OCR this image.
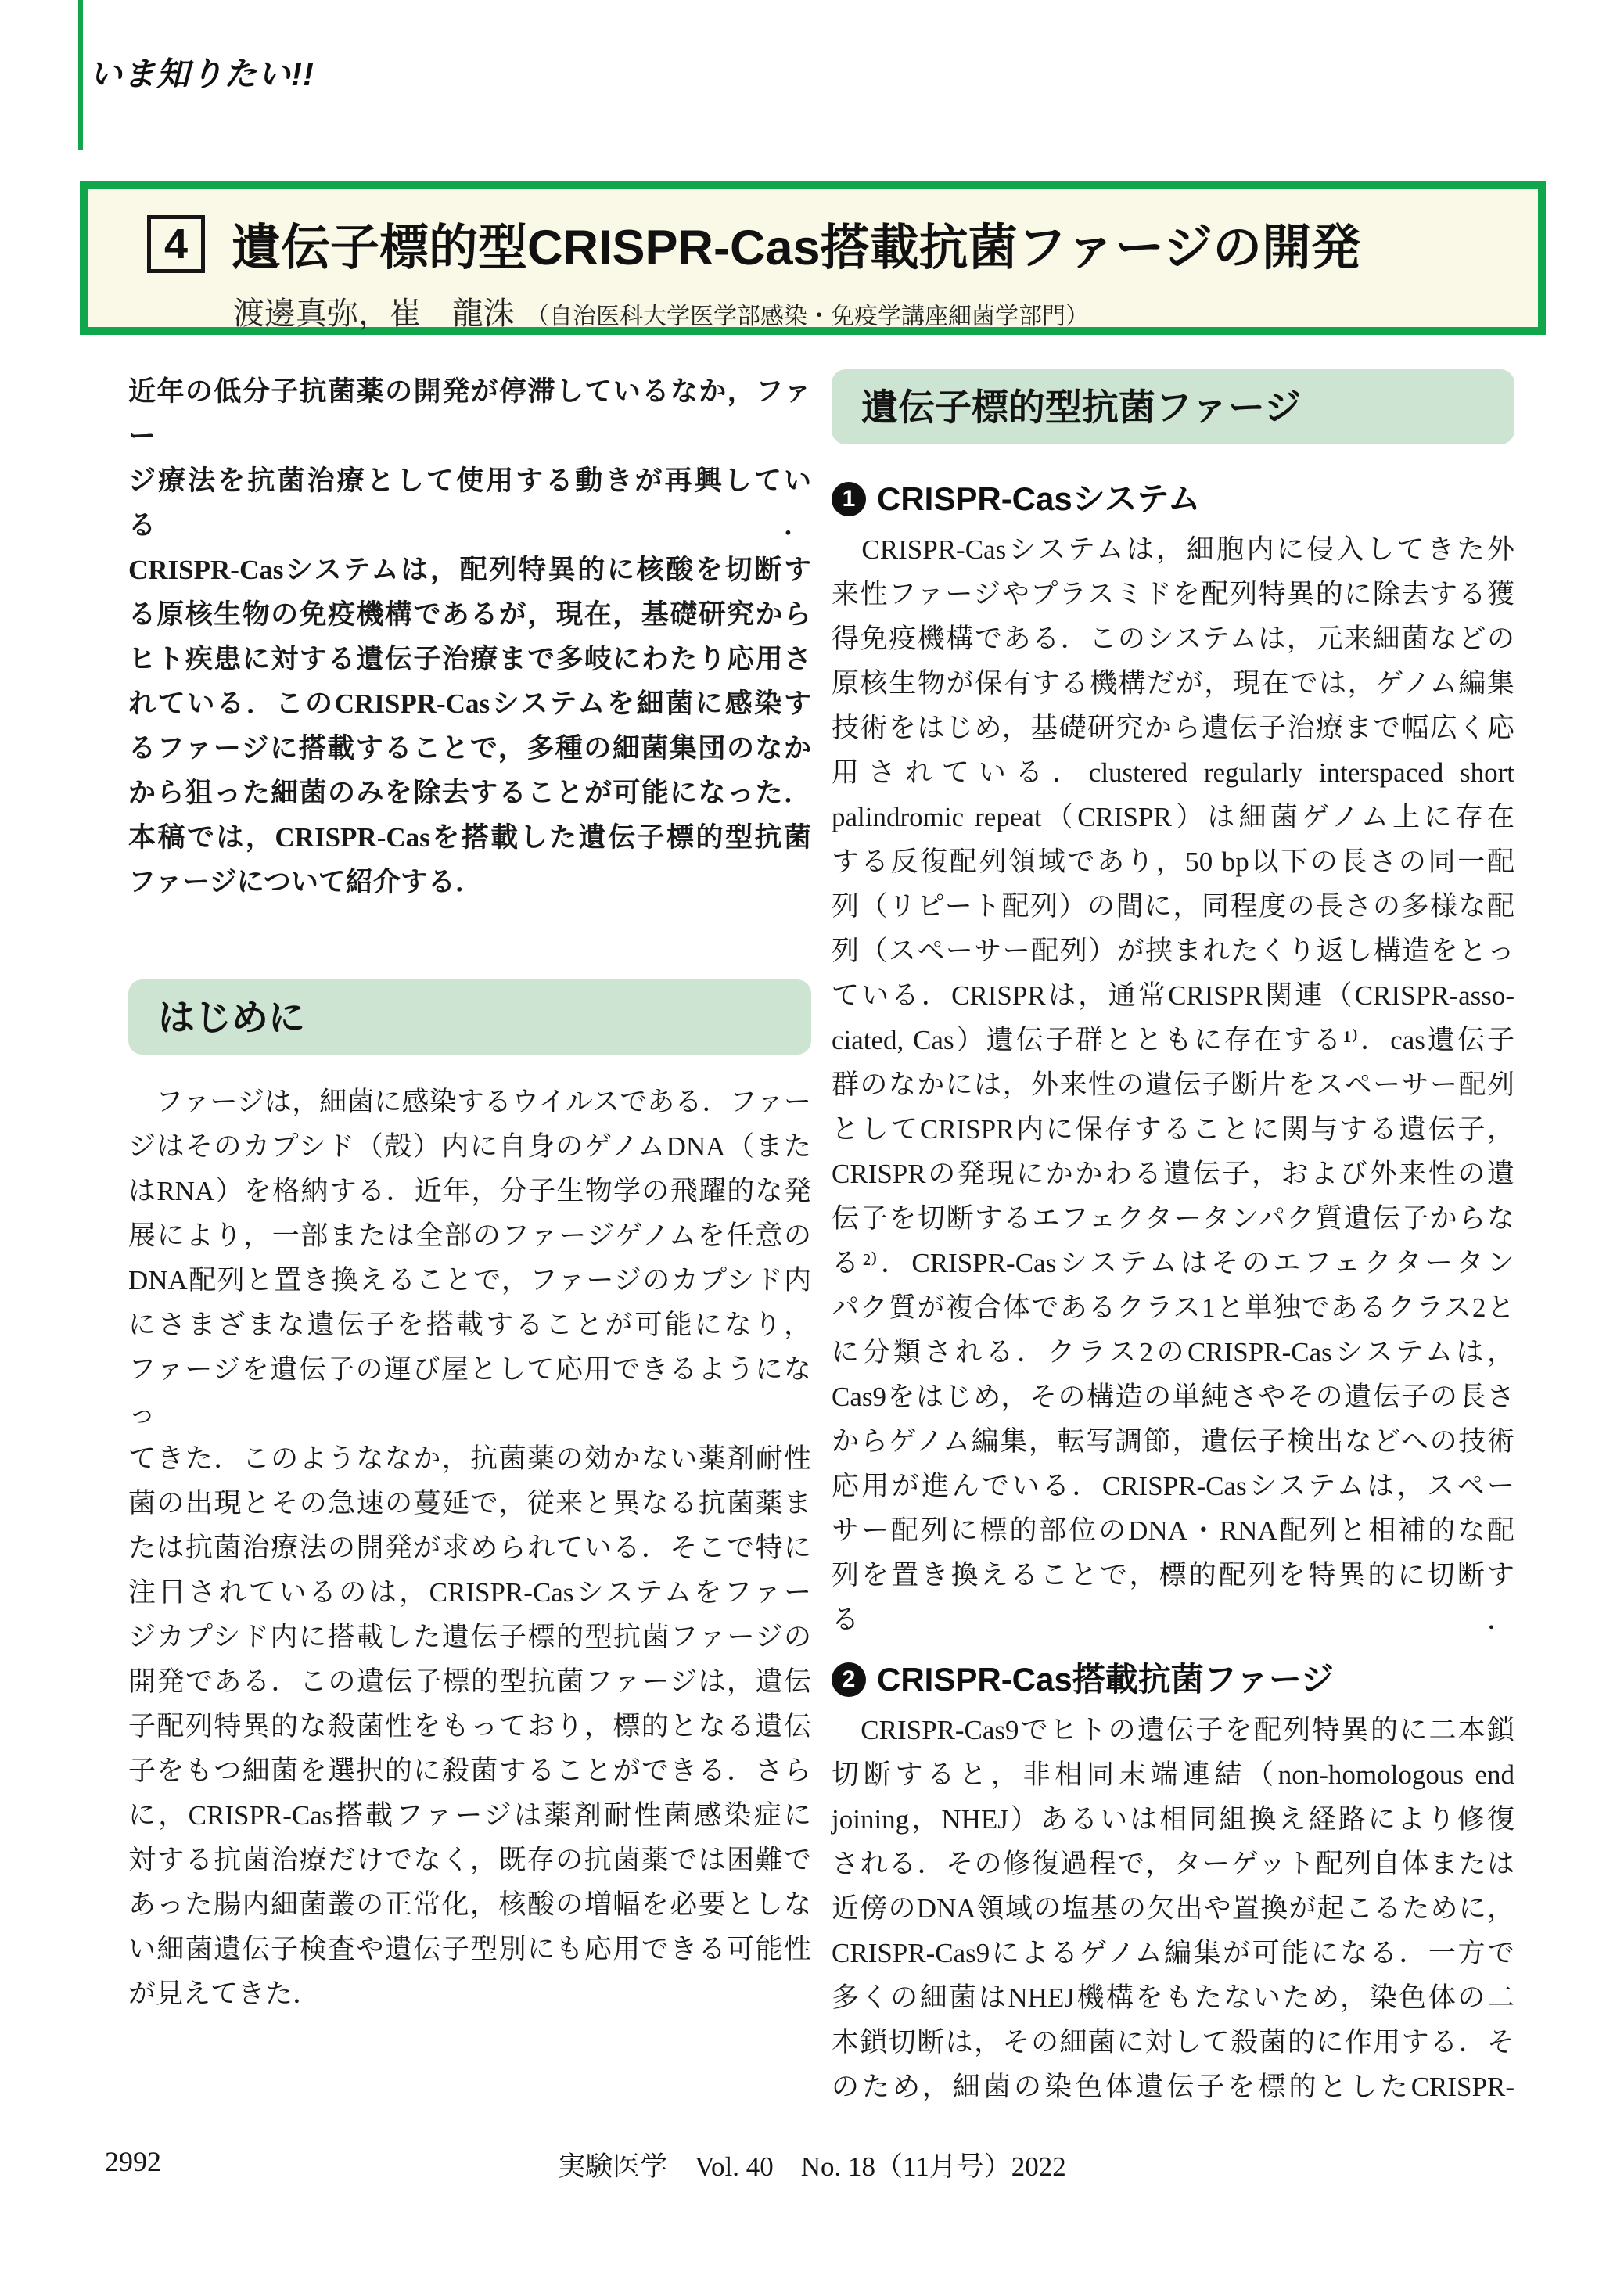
いま知りたい!!
4 遺伝子標的型CRISPR-Cas搭載抗菌ファージの開発
渡邊真弥，崔　龍洙 （自治医科大学医学部感染・免疫学講座細菌学部門）
近年の低分子抗菌薬の開発が停滞しているなか，ファー
ジ療法を抗菌治療として使用する動きが再興している．
CRISPR-Casシステムは，配列特異的に核酸を切断す
る原核生物の免疫機構であるが，現在，基礎研究から
ヒト疾患に対する遺伝子治療まで多岐にわたり応用さ
れている．このCRISPR-Casシステムを細菌に感染す
るファージに搭載することで，多種の細菌集団のなか
から狙った細菌のみを除去することが可能になった．
本稿では，CRISPR-Casを搭載した遺伝子標的型抗菌
ファージについて紹介する．
はじめに
　ファージは，細菌に感染するウイルスである．ファー
ジはそのカプシド（殻）内に自身のゲノムDNA（また
はRNA）を格納する．近年，分子生物学の飛躍的な発
展により，一部または全部のファージゲノムを任意の
DNA配列と置き換えることで，ファージのカプシド内
にさまざまな遺伝子を搭載することが可能になり，
ファージを遺伝子の運び屋として応用できるようになっ
てきた．このようななか，抗菌薬の効かない薬剤耐性
菌の出現とその急速の蔓延で，従来と異なる抗菌薬ま
たは抗菌治療法の開発が求められている．そこで特に
注目されているのは，CRISPR-Casシステムをファー
ジカプシド内に搭載した遺伝子標的型抗菌ファージの
開発である．この遺伝子標的型抗菌ファージは，遺伝
子配列特異的な殺菌性をもっており，標的となる遺伝
子をもつ細菌を選択的に殺菌することができる．さら
に，CRISPR-Cas搭載ファージは薬剤耐性菌感染症に
対する抗菌治療だけでなく，既存の抗菌薬では困難で
あった腸内細菌叢の正常化，核酸の増幅を必要としな
い細菌遺伝子検査や遺伝子型別にも応用できる可能性
が見えてきた．
遺伝子標的型抗菌ファージ
1 CRISPR-Casシステム
　CRISPR-Casシステムは，細胞内に侵入してきた外
来性ファージやプラスミドを配列特異的に除去する獲
得免疫機構である．このシステムは，元来細菌などの
原核生物が保有する機構だが，現在では，ゲノム編集
技術をはじめ，基礎研究から遺伝子治療まで幅広く応
用されている．clustered regularly interspaced short
palindromic repeat（CRISPR）は細菌ゲノム上に存在
する反復配列領域であり，50 bp以下の長さの同一配
列（リピート配列）の間に，同程度の長さの多様な配
列（スペーサー配列）が挟まれたくり返し構造をとっ
ている．CRISPRは，通常CRISPR関連（CRISPR-asso-
ciated, Cas）遺伝子群とともに存在する¹⁾．cas遺伝子
群のなかには，外来性の遺伝子断片をスペーサー配列
としてCRISPR内に保存することに関与する遺伝子，
CRISPRの発現にかかわる遺伝子，および外来性の遺
伝子を切断するエフェクタータンパク質遺伝子からな
る²⁾．CRISPR-Casシステムはそのエフェクタータン
パク質が複合体であるクラス1と単独であるクラス2と
に分類される．クラス2のCRISPR-Casシステムは，
Cas9をはじめ，その構造の単純さやその遺伝子の長さ
からゲノム編集，転写調節，遺伝子検出などへの技術
応用が進んでいる．CRISPR-Casシステムは，スペー
サー配列に標的部位のDNA・RNA配列と相補的な配
列を置き換えることで，標的配列を特異的に切断する．
2 CRISPR-Cas搭載抗菌ファージ
　CRISPR-Cas9でヒトの遺伝子を配列特異的に二本鎖
切断すると，非相同末端連結（non-homologous end
joining，NHEJ）あるいは相同組換え経路により修復
される．その修復過程で，ターゲット配列自体または
近傍のDNA領域の塩基の欠出や置換が起こるために，
CRISPR-Cas9によるゲノム編集が可能になる．一方で
多くの細菌はNHEJ機構をもたないため，染色体の二
本鎖切断は，その細菌に対して殺菌的に作用する．そ
のため，細菌の染色体遺伝子を標的としたCRISPR-
2992	実験医学　Vol. 40　No. 18（11月号）2022
